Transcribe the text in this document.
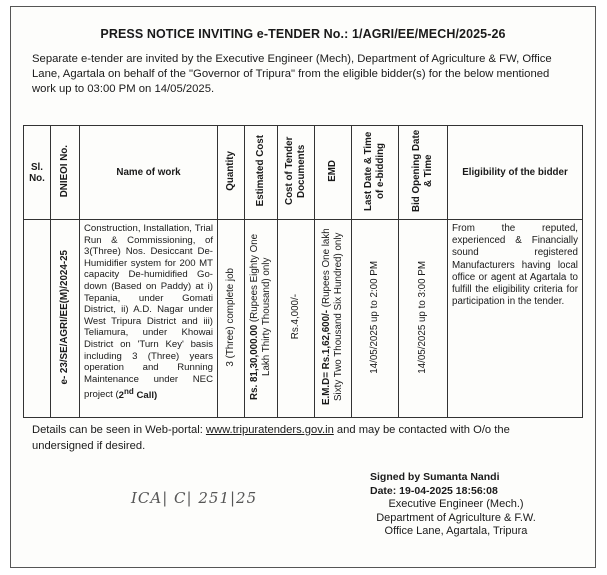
PRESS NOTICE INVITING e-TENDER No.: 1/AGRI/EE/MECH/2025-26
Separate e-tender are invited by the Executive Engineer (Mech), Department of Agriculture & FW, Office Lane, Agartala on behalf of the "Governor of Tripura" from the eligible bidder(s) for the below mentioned work up to 03:00 PM on 14/05/2025.
Sl. No.	DNIEOI No.	Name of work	Quantity	Estimated Cost	Cost of Tender Documents	EMD	Last Date & Time of e-bidding	Bid Opening Date & Time	Eligibility of the bidder
	e- 23/SE/AGRI/EE(M)/2024-25	Construction, Installation, Trial Run & Commissioning, of 3(Three) Nos. Desiccant De-Humidifier system for 200 MT capacity De-humidified Go-down (Based on Paddy) at i) Tepania, under Gomati District, ii) A.D. Nagar under West Tripura District and iii) Teliamura, under Khowai District on 'Turn Key' basis including 3 (Three) years operation and Running Maintenance under NEC project (2nd Call)	3 (Three) complete job	Rs. 81,30,000.00 (Rupees Eighty One Lakh Thirty Thousand) only	Rs.4,000/-	E.M.D= Rs.1,62,600/- (Rupees One lakh Sixty Two Thousand Six Hundred) only	14/05/2025 up to 2:00 PM	14/05/2025 up to 3:00 PM	From the reputed, experienced & Financially sound registered Manufacturers having local office or agent at Agartala to fulfill the eligibility criteria for participation in the tender.
Details can be seen in Web-portal: www.tripuratenders.gov.in and may be contacted with O/o the undersigned if desired.
ICA| C| 251|25
Signed by Sumanta Nandi
Date: 19-04-2025 18:56:08
Executive Engineer (Mech.)
Department of Agriculture & F.W.
Office Lane, Agartala, Tripura
